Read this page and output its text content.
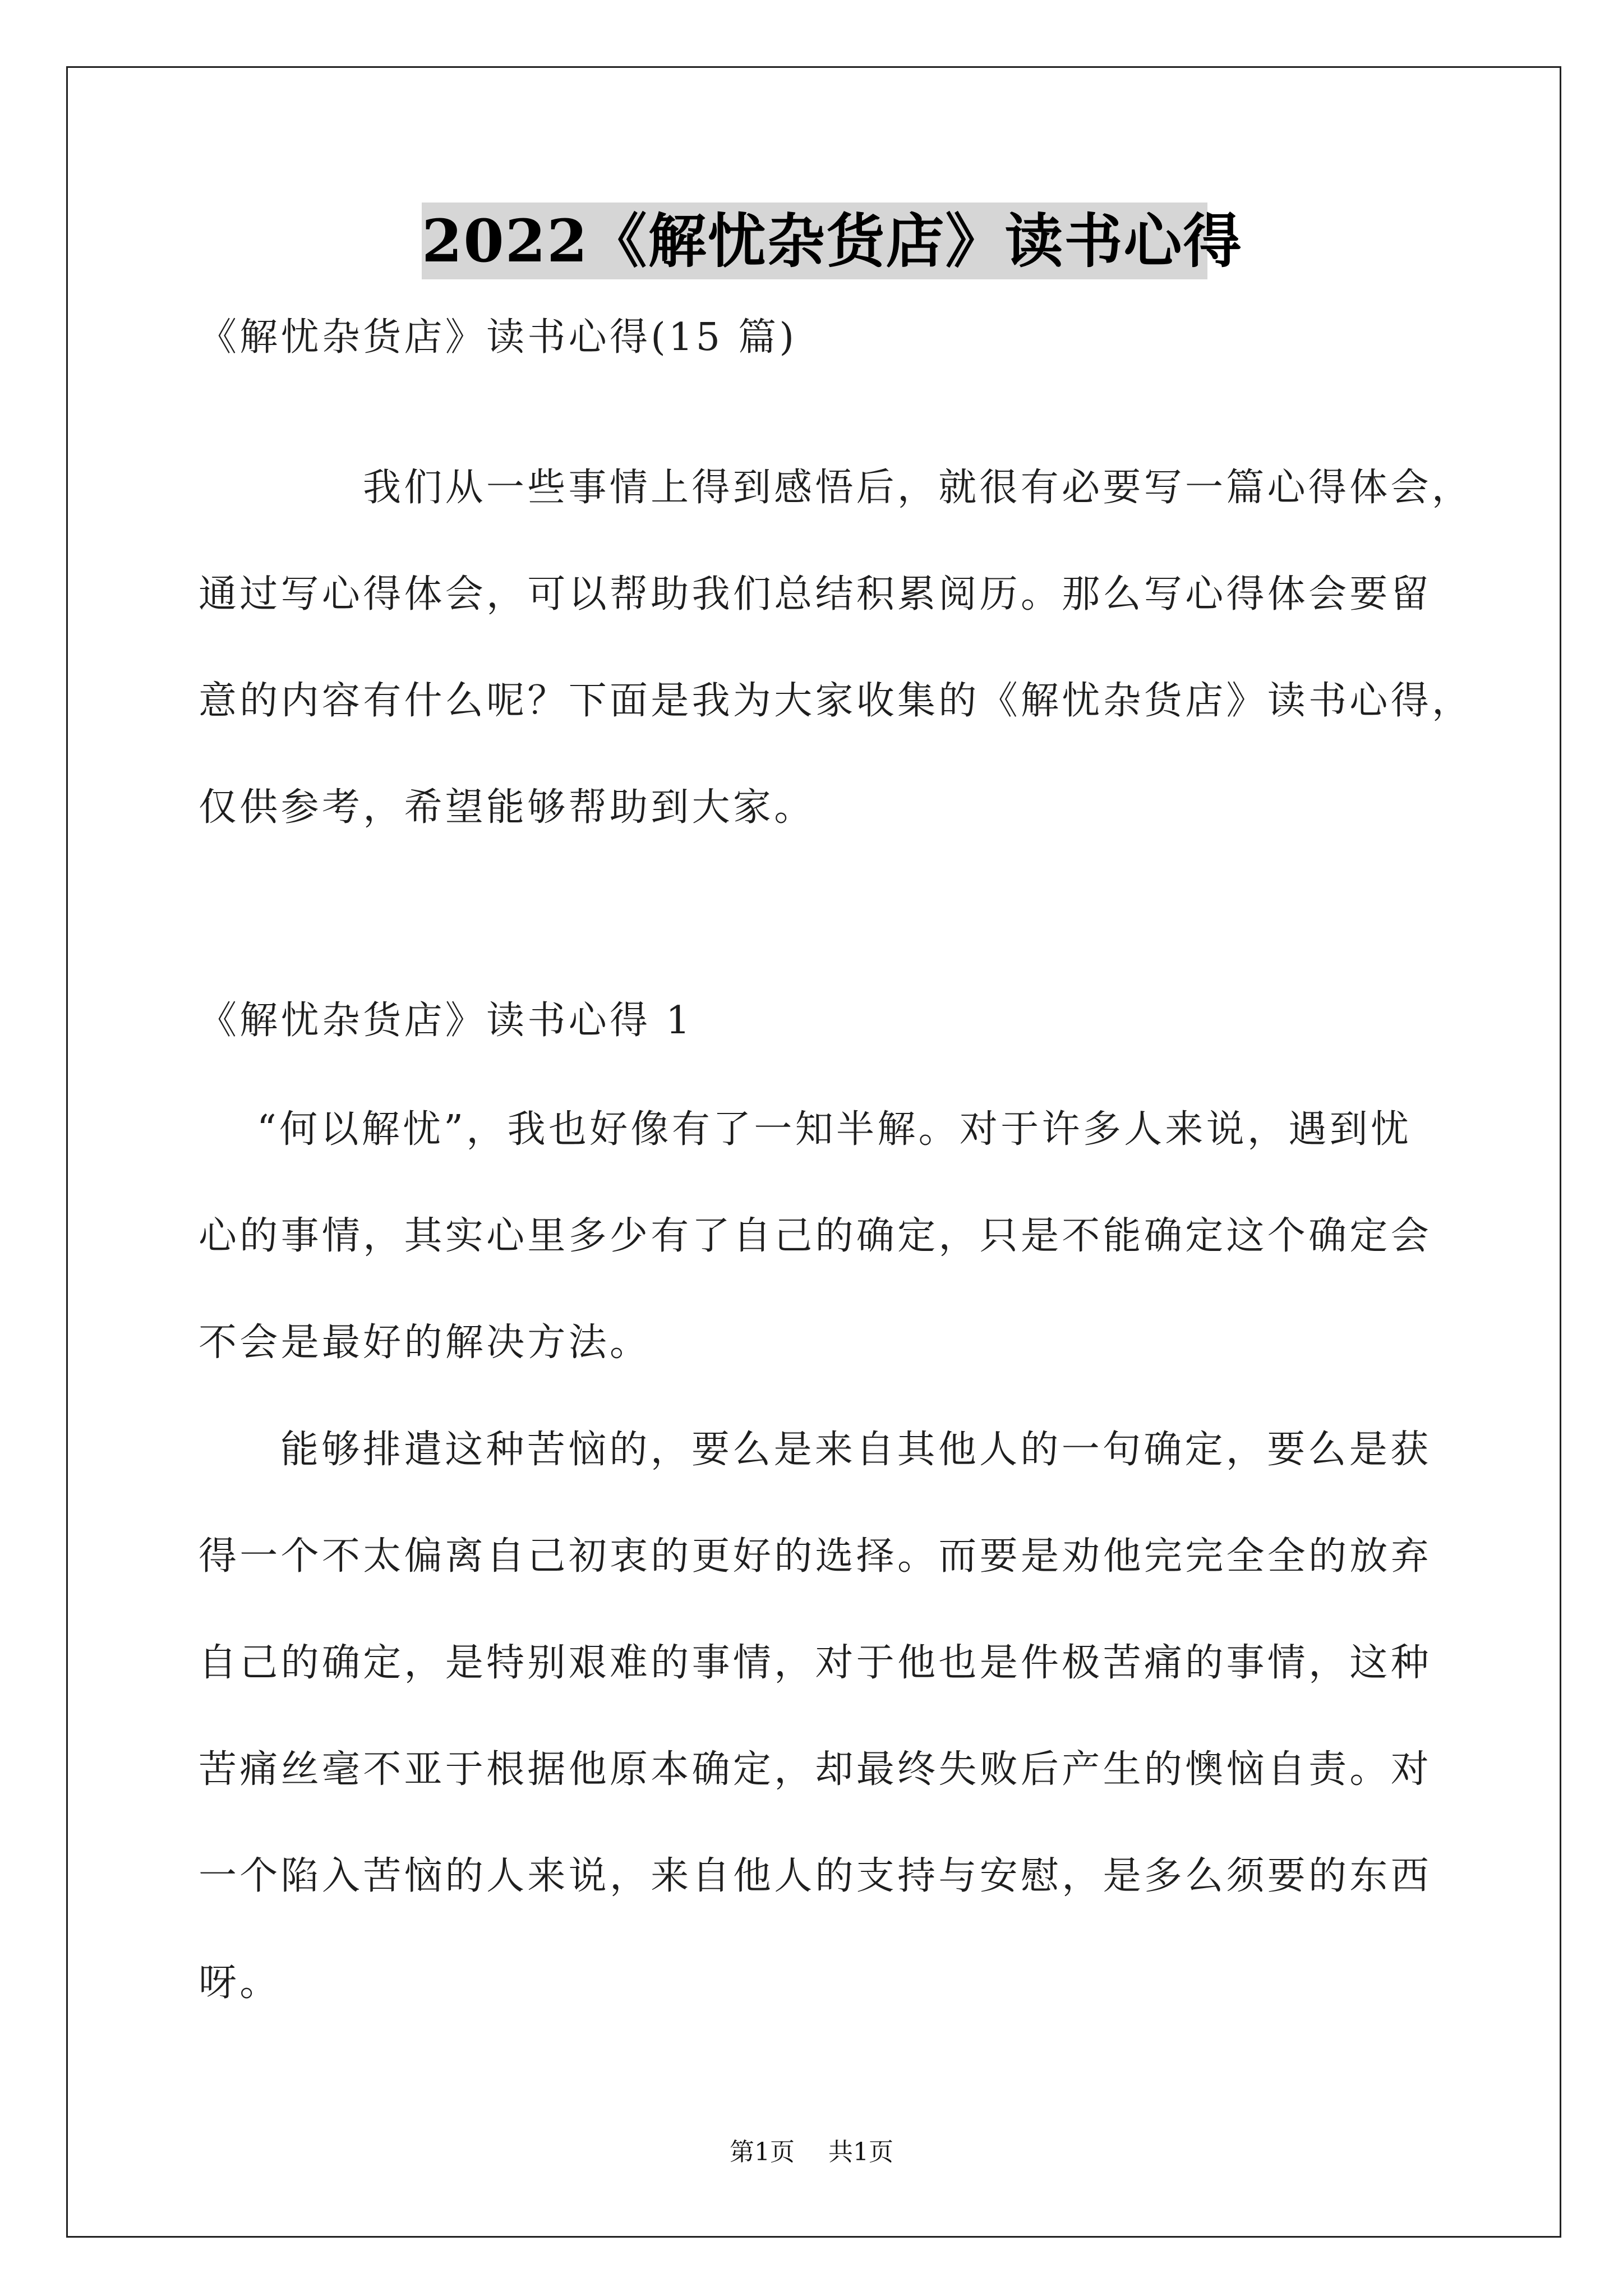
2022《解忧杂货店》读书心得
《解忧杂货店》读书心得(15 篇)
我们从一些事情上得到感悟后，就很有必要写一篇心得体会，
通过写心得体会，可以帮助我们总结积累阅历。那么写心得体会要留
意的内容有什么呢？下面是我为大家收集的《解忧杂货店》读书心得，
仅供参考，希望能够帮助到大家。
《解忧杂货店》读书心得 1
“何以解忧”，我也好像有了一知半解。对于许多人来说，遇到忧
心的事情，其实心里多少有了自己的确定，只是不能确定这个确定会
不会是最好的解决方法。
能够排遣这种苦恼的，要么是来自其他人的一句确定，要么是获
得一个不太偏离自己初衷的更好的选择。而要是劝他完完全全的放弃
自己的确定，是特别艰难的事情，对于他也是件极苦痛的事情，这种
苦痛丝毫不亚于根据他原本确定，却最终失败后产生的懊恼自责。对
一个陷入苦恼的人来说，来自他人的支持与安慰，是多么须要的东西
呀。
第1页 共1页
